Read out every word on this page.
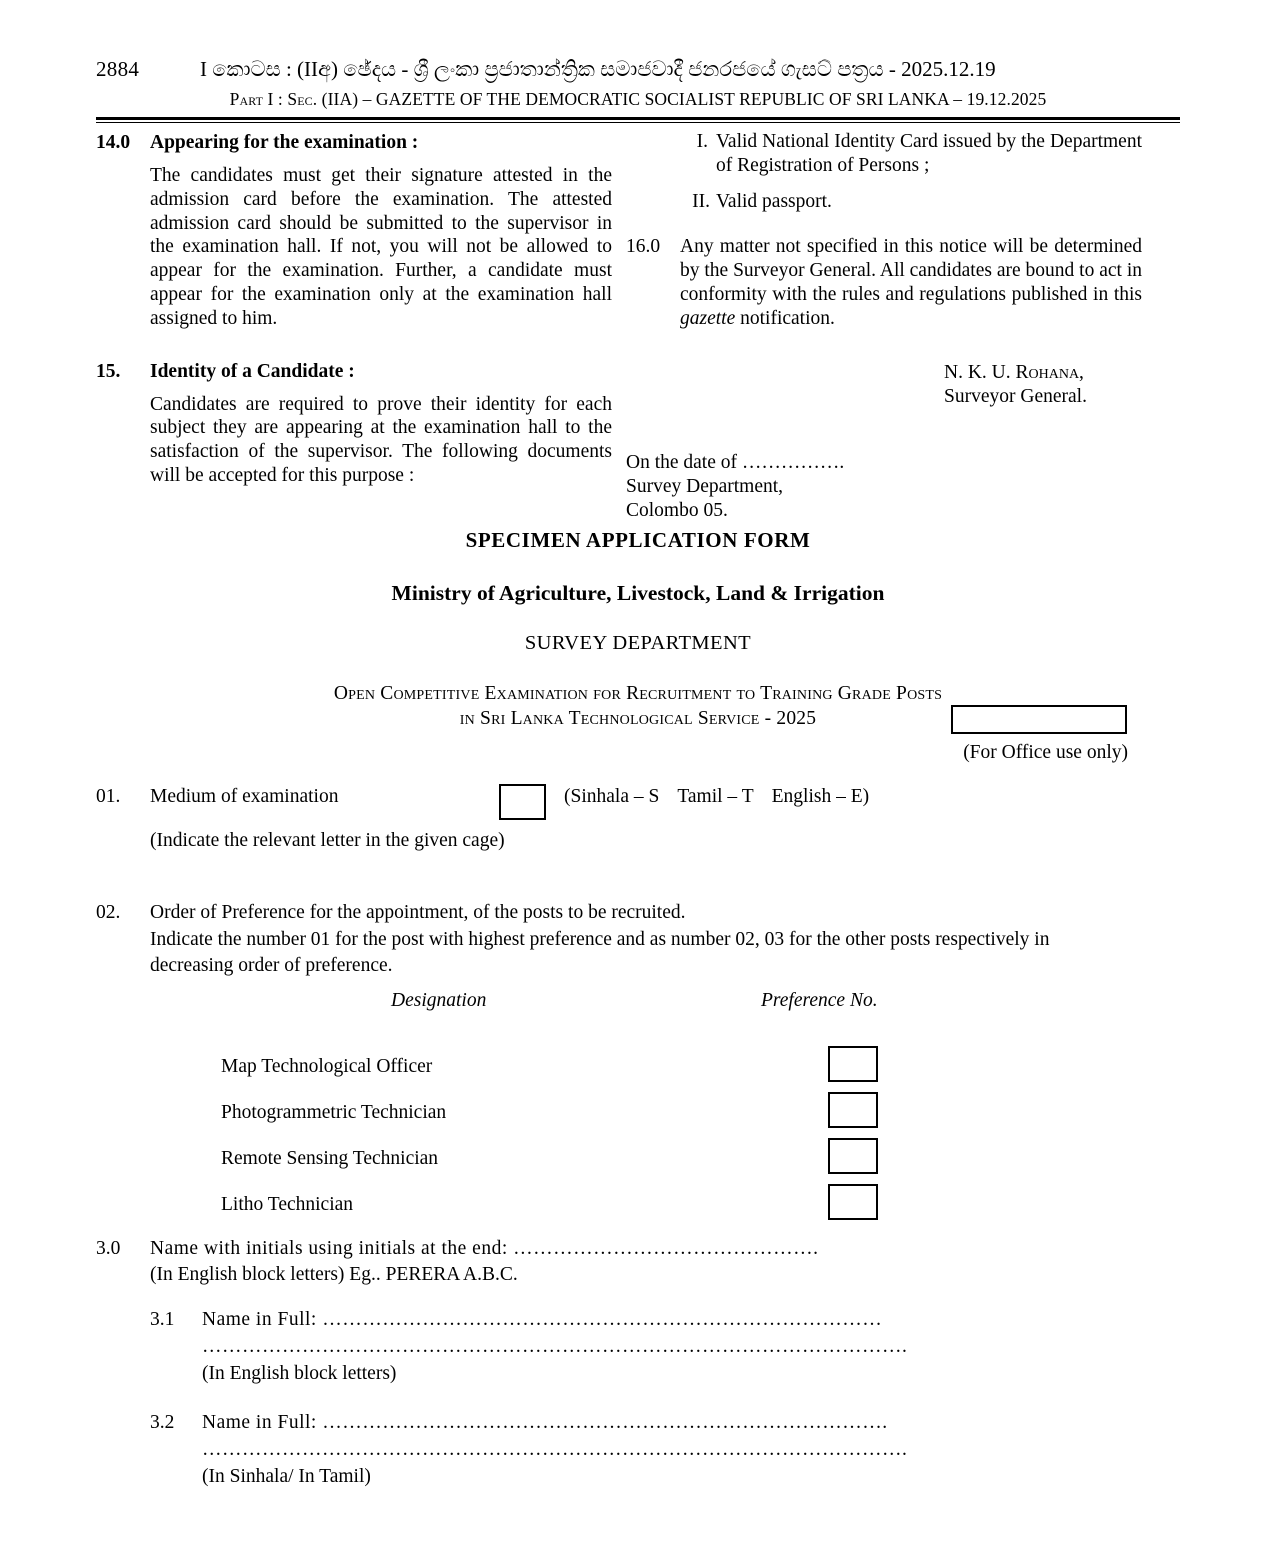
2884	I කොටස : (IIඅ) ඡේදය - ශ්‍රී ලංකා ප්‍රජාතාන්ත්‍රික සමාජවාදී ජනරජයේ ගැසට් පත්‍රය - 2025.12.19
Part I : Sec. (IIA) – GAZETTE OF THE DEMOCRATIC SOCIALIST REPUBLIC OF SRI LANKA – 19.12.2025
14.0 Appearing for the examination :
The candidates must get their signature attested in the admission card before the examination. The attested admission card should be submitted to the supervisor in the examination hall. If not, you will not be allowed to appear for the examination. Further, a candidate must appear for the examination only at the examination hall assigned to him.
15. Identity of a Candidate :
Candidates are required to prove their identity for each subject they are appearing at the examination hall to the satisfaction of the supervisor. The following documents will be accepted for this purpose :
I. Valid National Identity Card issued by the Department of Registration of Persons ;
II. Valid passport.
16.0 Any matter not specified in this notice will be determined by the Surveyor General. All candidates are bound to act in conformity with the rules and regulations published in this gazette notification.
N. K. U. Rohana,
Surveyor General.
On the date of …………….
Survey Department,
Colombo 05.
SPECIMEN APPLICATION FORM
Ministry of Agriculture, Livestock, Land & Irrigation
SURVEY DEPARTMENT
Open Competitive Examination for Recruitment to Training Grade Posts
in Sri Lanka Technological Service - 2025
(For Office use only)
01. Medium of examination	(Sinhala – S Tamil – T English – E)
(Indicate the relevant letter in the given cage)
02. Order of Preference for the appointment, of the posts to be recruited.
Indicate the number 01 for the post with highest preference and as number 02, 03 for the other posts respectively in decreasing order of preference.
Designation	Preference No.
Map Technological Officer
Photogrammetric Technician
Remote Sensing Technician
Litho Technician
3.0 Name with initials using initials at the end: ……………………………………….
(In English block letters) Eg.. PERERA A.B.C.
3.1 Name in Full: …………………………………………………………………………
…………………………………………………………………………………………….
(In English block letters)
3.2 Name in Full: ………………………………………………………………………….
…………………………………………………………………………………………….
(In Sinhala/ In Tamil)
